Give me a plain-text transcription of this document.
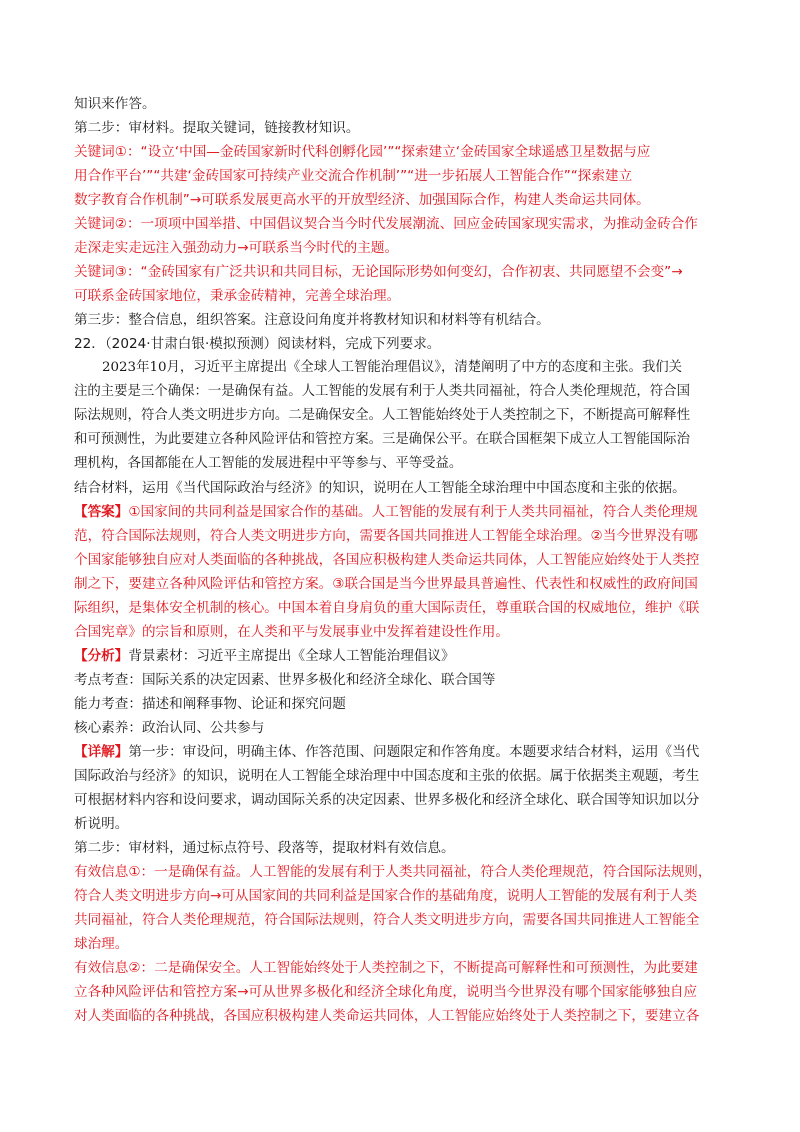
知识来作答。
第二步：审材料。提取关键词，链接教材知识。
关键词①：“设立‘中国—金砖国家新时代科创孵化园’”“探索建立‘金砖国家全球遥感卫星数据与应
用合作平台’”“共建‘金砖国家可持续产业交流合作机制’”“进一步拓展人工智能合作”“探索建立
数字教育合作机制”→可联系发展更高水平的开放型经济、加强国际合作，构建人类命运共同体。
关键词②：一项项中国举措、中国倡议契合当今时代发展潮流、回应金砖国家现实需求，为推动金砖合作
走深走实走远注入强劲动力→可联系当今时代的主题。
关键词③：“金砖国家有广泛共识和共同目标，无论国际形势如何变幻，合作初衷、共同愿望不会变”→
可联系金砖国家地位，秉承金砖精神，完善全球治理。
第三步：整合信息，组织答案。注意设问角度并将教材知识和材料等有机结合。
22．（2024·甘肃白银·模拟预测）阅读材料，完成下列要求。
2023年10月，习近平主席提出《全球人工智能治理倡议》，清楚阐明了中方的态度和主张。我们关
注的主要是三个确保：一是确保有益。人工智能的发展有利于人类共同福祉，符合人类伦理规范，符合国
际法规则，符合人类文明进步方向。二是确保安全。人工智能始终处于人类控制之下，不断提高可解释性
和可预测性，为此要建立各种风险评估和管控方案。三是确保公平。在联合国框架下成立人工智能国际治
理机构，各国都能在人工智能的发展进程中平等参与、平等受益。
结合材料，运用《当代国际政治与经济》的知识，说明在人工智能全球治理中中国态度和主张的依据。
【答案】①国家间的共同利益是国家合作的基础。人工智能的发展有利于人类共同福祉，符合人类伦理规
范，符合国际法规则，符合人类文明进步方向，需要各国共同推进人工智能全球治理。②当今世界没有哪
个国家能够独自应对人类面临的各种挑战，各国应积极构建人类命运共同体，人工智能应始终处于人类控
制之下，要建立各种风险评估和管控方案。③联合国是当今世界最具普遍性、代表性和权威性的政府间国
际组织，是集体安全机制的核心。中国本着自身肩负的重大国际责任，尊重联合国的权威地位，维护《联
合国宪章》的宗旨和原则，在人类和平与发展事业中发挥着建设性作用。
【分析】背景素材：习近平主席提出《全球人工智能治理倡议》
考点考查：国际关系的决定因素、世界多极化和经济全球化、联合国等
能力考查：描述和阐释事物、论证和探究问题
核心素养：政治认同、公共参与
【详解】第一步：审设问，明确主体、作答范围、问题限定和作答角度。本题要求结合材料，运用《当代
国际政治与经济》的知识，说明在人工智能全球治理中中国态度和主张的依据。属于依据类主观题，考生
可根据材料内容和设问要求，调动国际关系的决定因素、世界多极化和经济全球化、联合国等知识加以分
析说明。
第二步：审材料，通过标点符号、段落等，提取材料有效信息。
有效信息①：一是确保有益。人工智能的发展有利于人类共同福祉，符合人类伦理规范，符合国际法规则，
符合人类文明进步方向→可从国家间的共同利益是国家合作的基础角度，说明人工智能的发展有利于人类
共同福祉，符合人类伦理规范，符合国际法规则，符合人类文明进步方向，需要各国共同推进人工智能全
球治理。
有效信息②：二是确保安全。人工智能始终处于人类控制之下，不断提高可解释性和可预测性，为此要建
立各种风险评估和管控方案→可从世界多极化和经济全球化角度，说明当今世界没有哪个国家能够独自应
对人类面临的各种挑战，各国应积极构建人类命运共同体，人工智能应始终处于人类控制之下，要建立各
